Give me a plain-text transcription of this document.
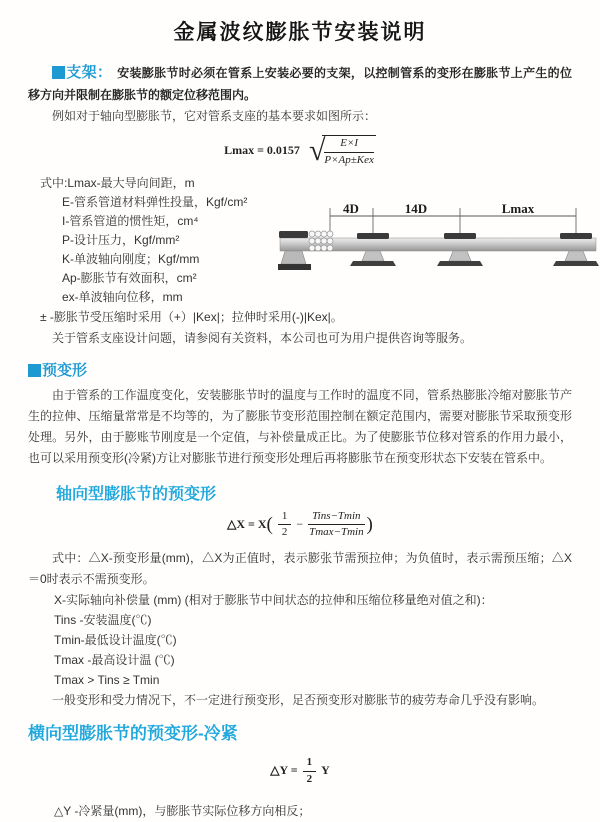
金属波纹膨胀节安装说明

支架： 安装膨胀节时必须在管系上安装必要的支架，以控制管系的变形在膨胀节上产生的位移方向并限制在膨胀节的额定位移范围内。

例如对于轴向型膨胀节，它对管系支座的基本要求如图所示：

Lmax = 0.0157 √ $\frac{E\times I}{\text{P×Ap±Kex}}$
式中:Lmax-最大导向间距，m
E-管系管道材料弹性投量，Kgf/cm²
I-管系管道的惯性矩，cm⁴
P-设计压力，Kgf/mm²
K-单波轴向刚度；Kgf/mm
Ap-膨胀节有效面积，cm²
ex-单波轴向位移，mm
4D	14D	Lmax

± -膨胀节受压缩时采用（+）|Kex|；拉伸时采用(-)|Kex|。

关于管系支座设计问题，请参阅有关资料，本公司也可为用户提供咨询等服务。

预变形

由于管系的工作温度变化，安装膨胀节时的温度与工作时的温度不同，管系热膨胀冷缩对膨胀节产生的拉伸、压缩量常常是不均等的，为了膨胀节变形范围控制在额定范围内，需要对膨胀节采取预变形处理。另外，由于膨账节刚度是一个定值，与补偿量成正比。为了使膨胀节位移对管系的作用力最小，也可以采用预变形(冷紧)方让对膨胀节进行预变形处理后再将膨胀节在预变形状态下安装在管系中。

轴向型膨胀节的预变形
△X = $X( \frac{1}{2} - \frac{\text{Tins−Tmin}}{Tmax-Tmin}$ )

式中：△X-预变形量(mm)，△X为正值时，表示膨张节需预拉伸；为负值时，表示需预压缩；△X＝0时表示不需预变形。

X-实际轴向补偿量 (mm) (相对于膨胀节中间状态的拉伸和压缩位移量绝对值之和)：

Tins -安装温度(℃)

Tmin-最低设计温度(℃)

Tmax -最高设计温 (℃)

Tmax > Tins ≥ Tmin

一般变形和受力情况下，不一定进行预变形，足否预变形对膨胀节的疲劳寿命几乎没有影响。

横向型膨胀节的预变形-冷紧
△Y = $\frac{1}{2}$ Y

△Y -冷紧量(mm)，与膨胀节实际位移方向相反；
